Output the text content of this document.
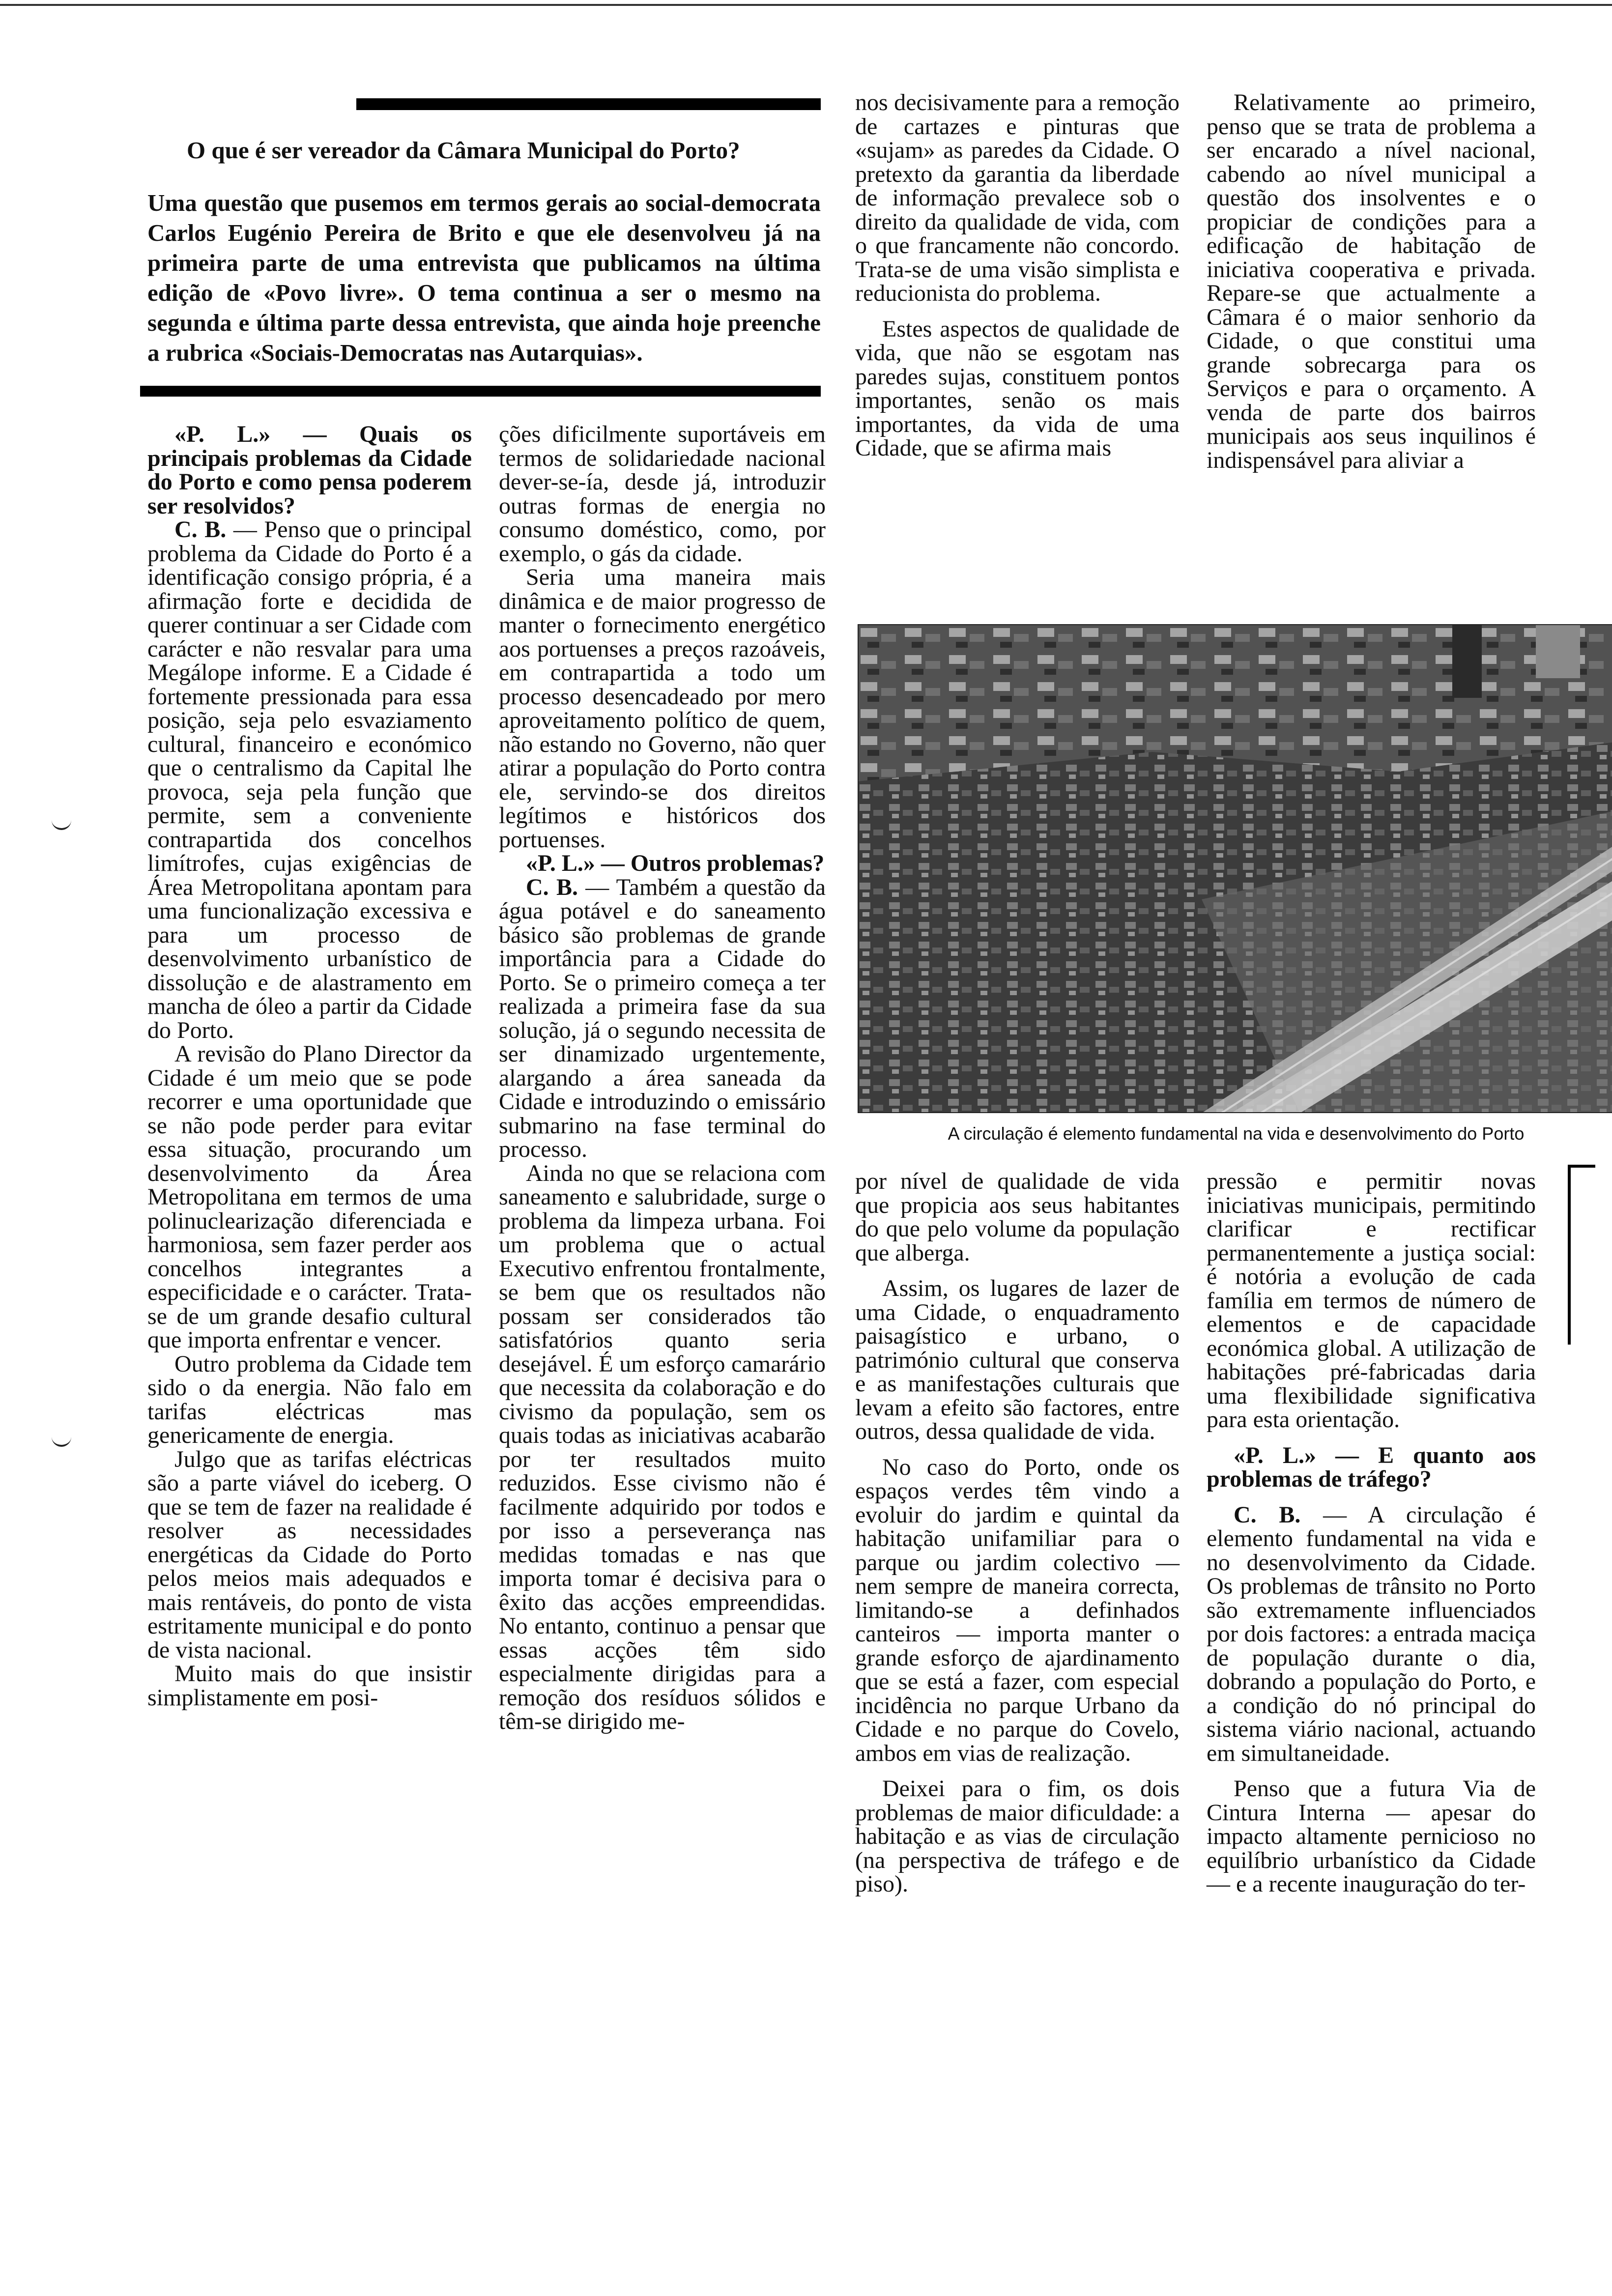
O que é ser vereador da Câmara Municipal do Porto?

Uma questão que pusemos em termos gerais ao social-democrata Carlos Eugénio Pereira de Brito e que ele desenvolveu já na primeira parte de uma entrevista que publicamos na última edição de «Povo livre». O tema continua a ser o mesmo na segunda e última parte dessa entrevista, que ainda hoje preenche a rubrica «Sociais-Democratas nas Autarquias».

«P. L.» — Quais os principais problemas da Cidade do Porto e como pensa poderem ser resolvidos?

C. B. — Penso que o principal problema da Cidade do Porto é a identificação consigo própria, é a afirmação forte e decidida de querer continuar a ser Cidade com carácter e não resvalar para uma Megálope informe. E a Cidade é fortemente pressionada para essa posição, seja pelo esvaziamento cultural, financeiro e económico que o centralismo da Capital lhe provoca, seja pela função que permite, sem a conveniente contrapartida dos concelhos limítrofes, cujas exigências de Área Metropolitana apontam para uma funcionalização excessiva e para um processo de desenvolvimento urbanístico de dissolução e de alastramento em mancha de óleo a partir da Cidade do Porto.

A revisão do Plano Director da Cidade é um meio que se pode recorrer e uma oportunidade que se não pode perder para evitar essa situação, procurando um desenvolvimento da Área Metropolitana em termos de uma polinuclearização diferenciada e harmoniosa, sem fazer perder aos concelhos integrantes a especificidade e o carácter. Trata-se de um grande desafio cultural que importa enfrentar e vencer.

Outro problema da Cidade tem sido o da energia. Não falo em tarifas eléctricas mas genericamente de energia.

Julgo que as tarifas eléctricas são a parte viável do iceberg. O que se tem de fazer na realidade é resolver as necessidades energéticas da Cidade do Porto pelos meios mais adequados e mais rentáveis, do ponto de vista estritamente municipal e do ponto de vista nacional.

Muito mais do que insistir simplistamente em posi-

ções dificilmente suportáveis em termos de solidariedade nacional dever-se-ía, desde já, introduzir outras formas de energia no consumo doméstico, como, por exemplo, o gás da cidade.

Seria uma maneira mais dinâmica e de maior progresso de manter o fornecimento energético aos portuenses a preços razoáveis, em contrapartida a todo um processo desencadeado por mero aproveitamento político de quem, não estando no Governo, não quer atirar a população do Porto contra ele, servindo-se dos direitos legítimos e históricos dos portuenses.

«P. L.» — Outros problemas?

C. B. — Também a questão da água potável e do saneamento básico são problemas de grande importância para a Cidade do Porto. Se o primeiro começa a ter realizada a primeira fase da sua solução, já o segundo necessita de ser dinamizado urgentemente, alargando a área saneada da Cidade e introduzindo o emissário submarino na fase terminal do processo.

Ainda no que se relaciona com saneamento e salubridade, surge o problema da limpeza urbana. Foi um problema que o actual Executivo enfrentou frontalmente, se bem que os resultados não possam ser considerados tão satisfatórios quanto seria desejável. É um esforço camarário que necessita da colaboração e do civismo da população, sem os quais todas as iniciativas acabarão por ter resultados muito reduzidos. Esse civismo não é facilmente adquirido por todos e por isso a perseverança nas medidas tomadas e nas que importa tomar é decisiva para o êxito das acções empreendidas. No entanto, continuo a pensar que essas acções têm sido especialmente dirigidas para a remoção dos resíduos sólidos e têm-se dirigido me-

nos decisivamente para a remoção de cartazes e pinturas que «sujam» as paredes da Cidade. O pretexto da garantia da liberdade de informação prevalece sob o direito da qualidade de vida, com o que francamente não concordo. Trata-se de uma visão simplista e reducionista do problema.

Estes aspectos de qualidade de vida, que não se esgotam nas paredes sujas, constituem pontos importantes, senão os mais importantes, da vida de uma Cidade, que se afirma mais

Relativamente ao primeiro, penso que se trata de problema a ser encarado a nível nacional, cabendo ao nível municipal a questão dos insolventes e o propiciar de condições para a edificação de habitação de iniciativa cooperativa e privada. Repare-se que actualmente a Câmara é o maior senhorio da Cidade, o que constitui uma grande sobrecarga para os Serviços e para o orçamento. A venda de parte dos bairros municipais aos seus inquilinos é indispensável para aliviar a

A circulação é elemento fundamental na vida e desenvolvimento do Porto

por nível de qualidade de vida que propicia aos seus habitantes do que pelo volume da população que alberga.

Assim, os lugares de lazer de uma Cidade, o enquadramento paisagístico e urbano, o património cultural que conserva e as manifestações culturais que levam a efeito são factores, entre outros, dessa qualidade de vida.

No caso do Porto, onde os espaços verdes têm vindo a evoluir do jardim e quintal da habitação unifamiliar para o parque ou jardim colectivo — nem sempre de maneira correcta, limitando-se a definhados canteiros — importa manter o grande esforço de ajardinamento que se está a fazer, com especial incidência no parque Urbano da Cidade e no parque do Covelo, ambos em vias de realização.

Deixei para o fim, os dois problemas de maior dificuldade: a habitação e as vias de circulação (na perspectiva de tráfego e de piso).

pressão e permitir novas iniciativas municipais, permitindo clarificar e rectificar permanentemente a justiça social: é notória a evolução de cada família em termos de número de elementos e de capacidade económica global. A utilização de habitações pré-fabricadas daria uma flexibilidade significativa para esta orientação.

«P. L.» — E quanto aos problemas de tráfego?

C. B. — A circulação é elemento fundamental na vida e no desenvolvimento da Cidade. Os problemas de trânsito no Porto são extremamente influenciados por dois factores: a entrada maciça de população durante o dia, dobrando a população do Porto, e a condição do nó principal do sistema viário nacional, actuando em simultaneidade.

Penso que a futura Via de Cintura Interna — apesar do impacto altamente pernicioso no equilíbrio urbanístico da Cidade — e a recente inauguração do ter-
